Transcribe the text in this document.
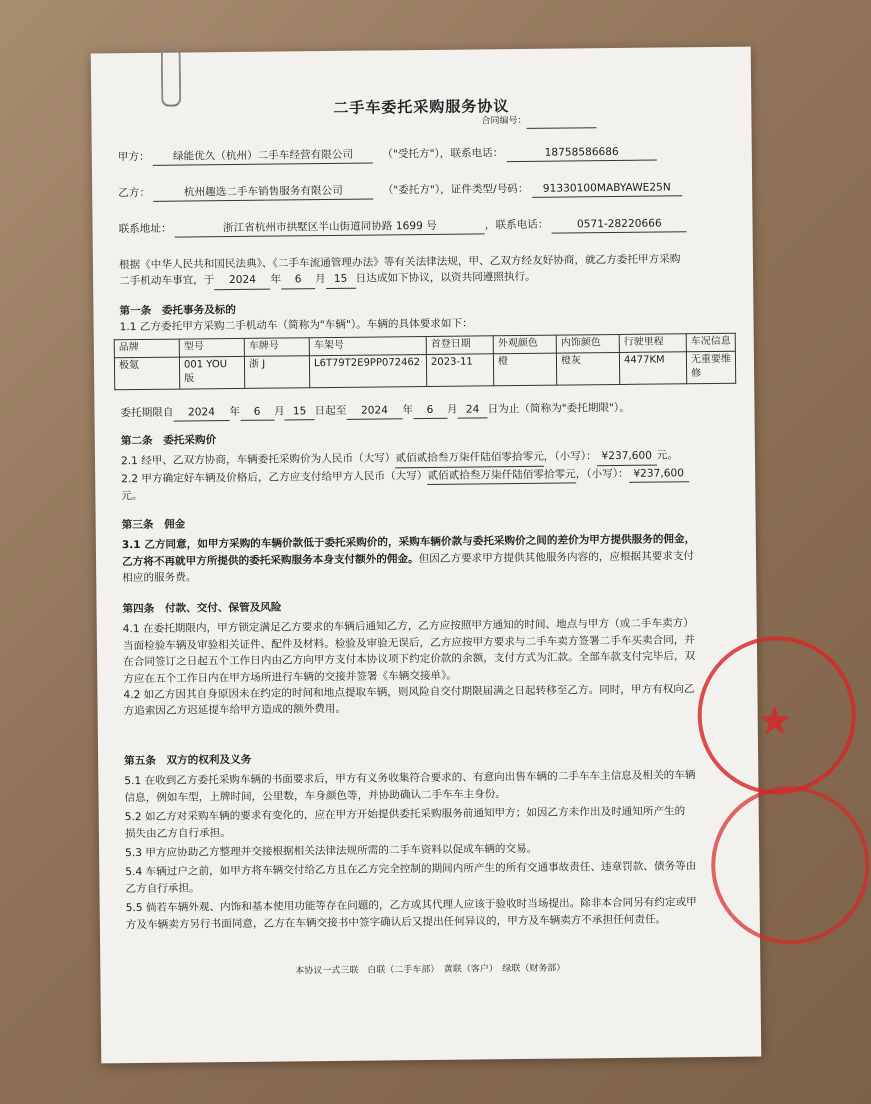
二手车委托采购服务协议
合同编号：
甲方： 绿能优久（杭州）二手车经营有限公司	（"受托方"），联系电话：	18758586686
乙方：	杭州趣选二手车销售服务有限公司	（"委托方"），证件类型/号码： 91330100MABYAWE25N
联系地址：	浙江省杭州市拱墅区半山街道同协路 1699 号	，联系电话：	0571-28220666
根据《中华人民共和国民法典》、《二手车流通管理办法》等有关法律法规，甲、乙双方经友好协商，就乙方委托甲方采购
二手机动车事宜，于 2024 年 6 月 15 日达成如下协议，以资共同遵照执行。
第一条　委托事务及标的
1.1 乙方委托甲方采购二手机动车（简称为"车辆"）。车辆的具体要求如下：
品牌	型号	车牌号	车架号	首登日期	外观颜色	内饰颜色	行驶里程	车况信息
极氪	001 YOU 版	浙 J	L6T79T2E9PP072462	2023-11	橙	橙灰	4477KM	无重要维修
委托期限自 2024 年 6 月 15 日起至 2024 年 6 月 24 日为止（简称为"委托期限"）。
第二条　委托采购价
2.1 经甲、乙双方协商，车辆委托采购价为人民币（大写）贰佰贰拾叁万柒仟陆佰零拾零元，（小写）： ¥237,600 元。
2.2 甲方确定好车辆及价格后，乙方应支付给甲方人民币（大写）贰佰贰拾叁万柒仟陆佰零拾零元，（小写）： ¥237,600
元。
第三条　佣金
3.1 乙方同意，如甲方采购的车辆价款低于委托采购价的，采购车辆价款与委托采购价之间的差价为甲方提供服务的佣金，
乙方将不再就甲方所提供的委托采购服务本身支付额外的佣金。但因乙方要求甲方提供其他服务内容的，应根据其要求支付
相应的服务费。
第四条　付款、交付、保管及风险
4.1 在委托期限内，甲方锁定满足乙方要求的车辆后通知乙方，乙方应按照甲方通知的时间、地点与甲方（或二手车卖方）
当面检验车辆及审验相关证件、配件及材料。检验及审验无误后，乙方应按甲方要求与二手车卖方签署二手车买卖合同，并
在合同签订之日起五个工作日内由乙方向甲方支付本协议项下约定价款的余额，支付方式为汇款。全部车款支付完毕后，双
方应在五个工作日内在甲方场所进行车辆的交接并签署《车辆交接单》。
4.2 如乙方因其自身原因未在约定的时间和地点提取车辆，则风险自交付期限届满之日起转移至乙方。同时，甲方有权向乙
方追索因乙方迟延提车给甲方造成的额外费用。
第五条　双方的权利及义务
5.1 在收到乙方委托采购车辆的书面要求后，甲方有义务收集符合要求的、有意向出售车辆的二手车车主信息及相关的车辆
信息，例如车型，上牌时间，公里数，车身颜色等，并协助确认二手车车主身份。
5.2 如乙方对采购车辆的要求有变化的，应在甲方开始提供委托采购服务前通知甲方；如因乙方未作出及时通知所产生的
损失由乙方自行承担。
5.3 甲方应协助乙方整理并交接根据相关法律法规所需的二手车资料以促成车辆的交易。
5.4 车辆过户之前，如甲方将车辆交付给乙方且在乙方完全控制的期间内所产生的所有交通事故责任、违章罚款、债务等由
乙方自行承担。
5.5 倘若车辆外观、内饰和基本使用功能等存在问题的，乙方或其代理人应该于验收时当场提出。除非本合同另有约定或甲
方及车辆卖方另行书面同意，乙方在车辆交接书中签字确认后又提出任何异议的，甲方及车辆卖方不承担任何责任。
本协议一式三联　白联（二手车部）　黄联（客户）　绿联（财务部）
★
